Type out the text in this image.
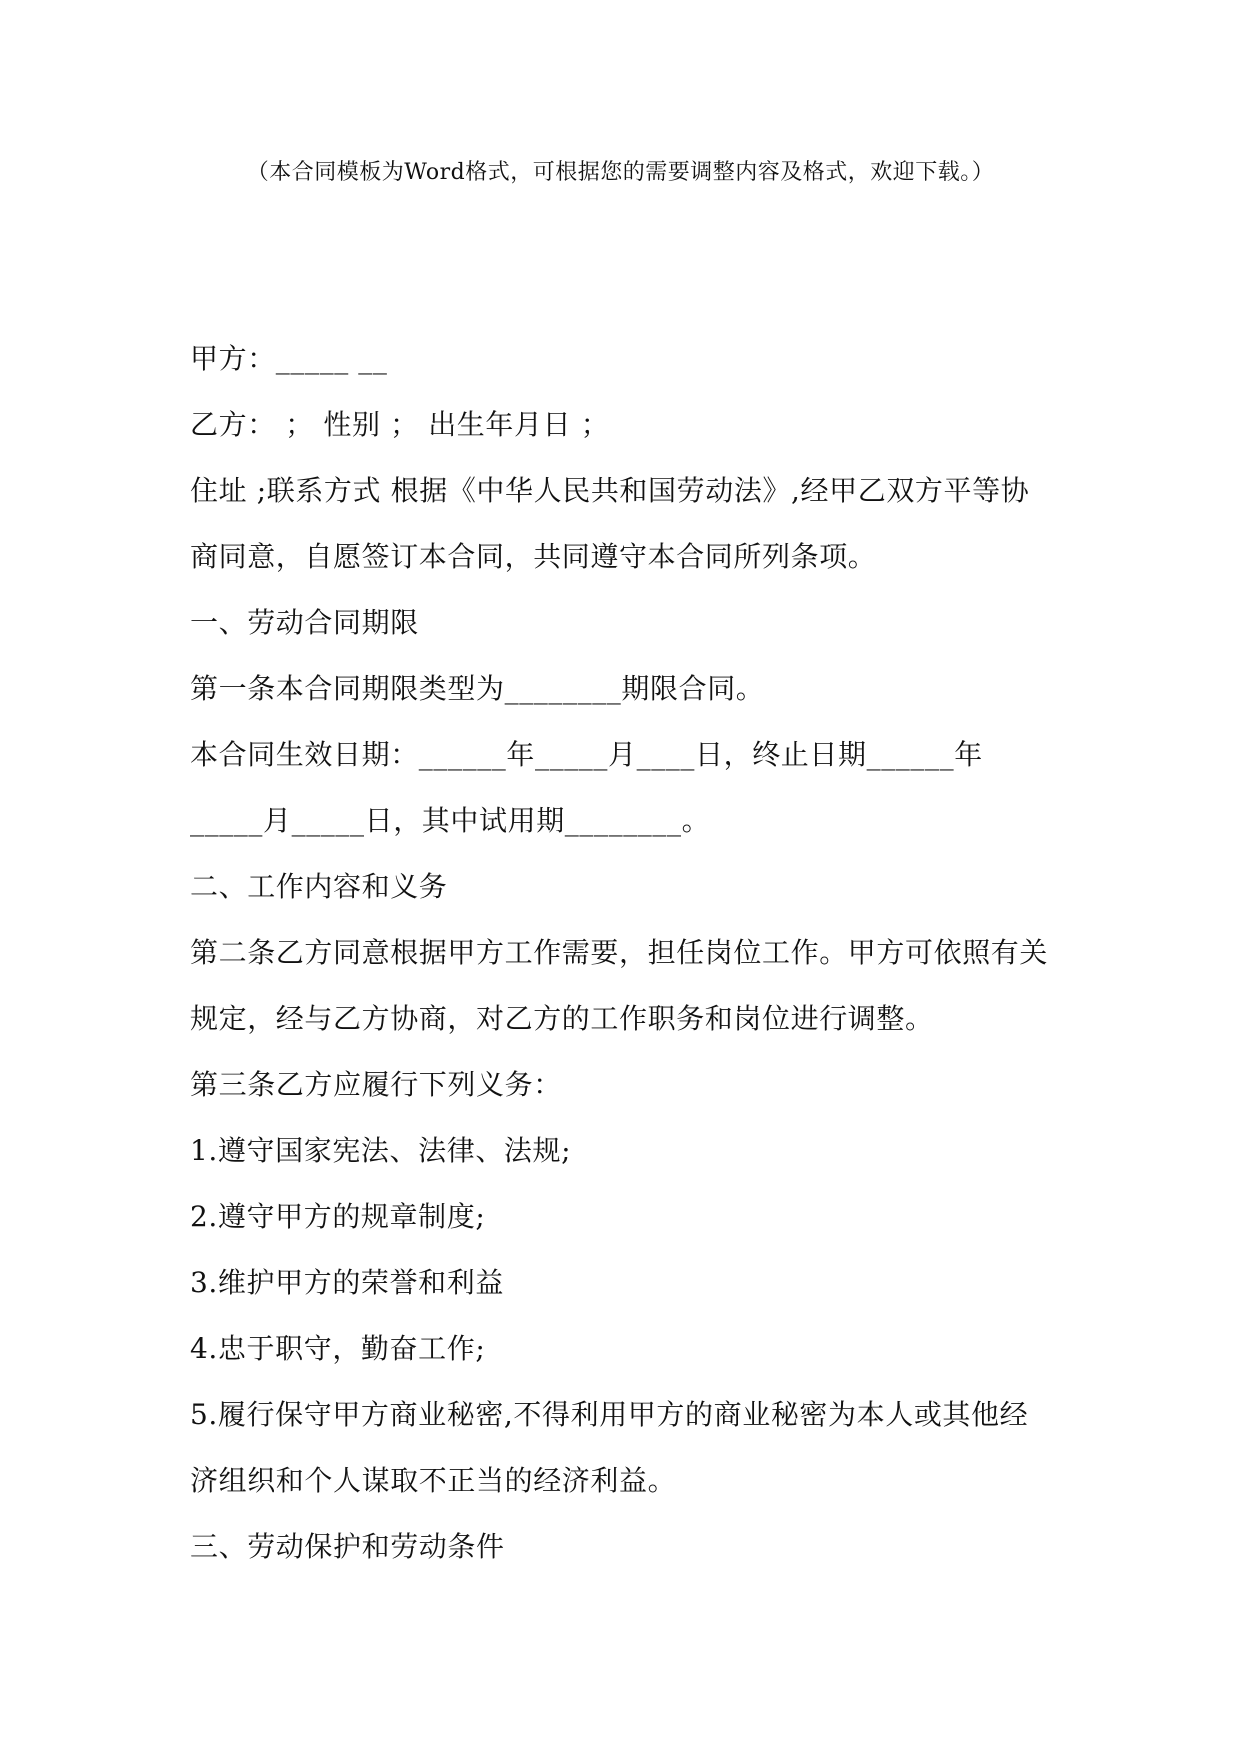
（本合同模板为Word格式，可根据您的需要调整内容及格式，欢迎下载。）
甲方：_____ __
乙方： ； 性别 ； 出生年月日 ；
住址 ;联系方式 根据《中华人民共和国劳动法》,经甲乙双方平等协
商同意，自愿签订本合同，共同遵守本合同所列条项。
一、劳动合同期限
第一条本合同期限类型为________期限合同。
本合同生效日期：______年_____月____日，终止日期______年
_____月_____日，其中试用期________。
二、工作内容和义务
第二条乙方同意根据甲方工作需要，担任岗位工作。甲方可依照有关
规定，经与乙方协商，对乙方的工作职务和岗位进行调整。
第三条乙方应履行下列义务：
1.遵守国家宪法、法律、法规;
2.遵守甲方的规章制度;
3.维护甲方的荣誉和利益
4.忠于职守，勤奋工作;
5.履行保守甲方商业秘密,不得利用甲方的商业秘密为本人或其他经
济组织和个人谋取不正当的经济利益。
三、劳动保护和劳动条件
